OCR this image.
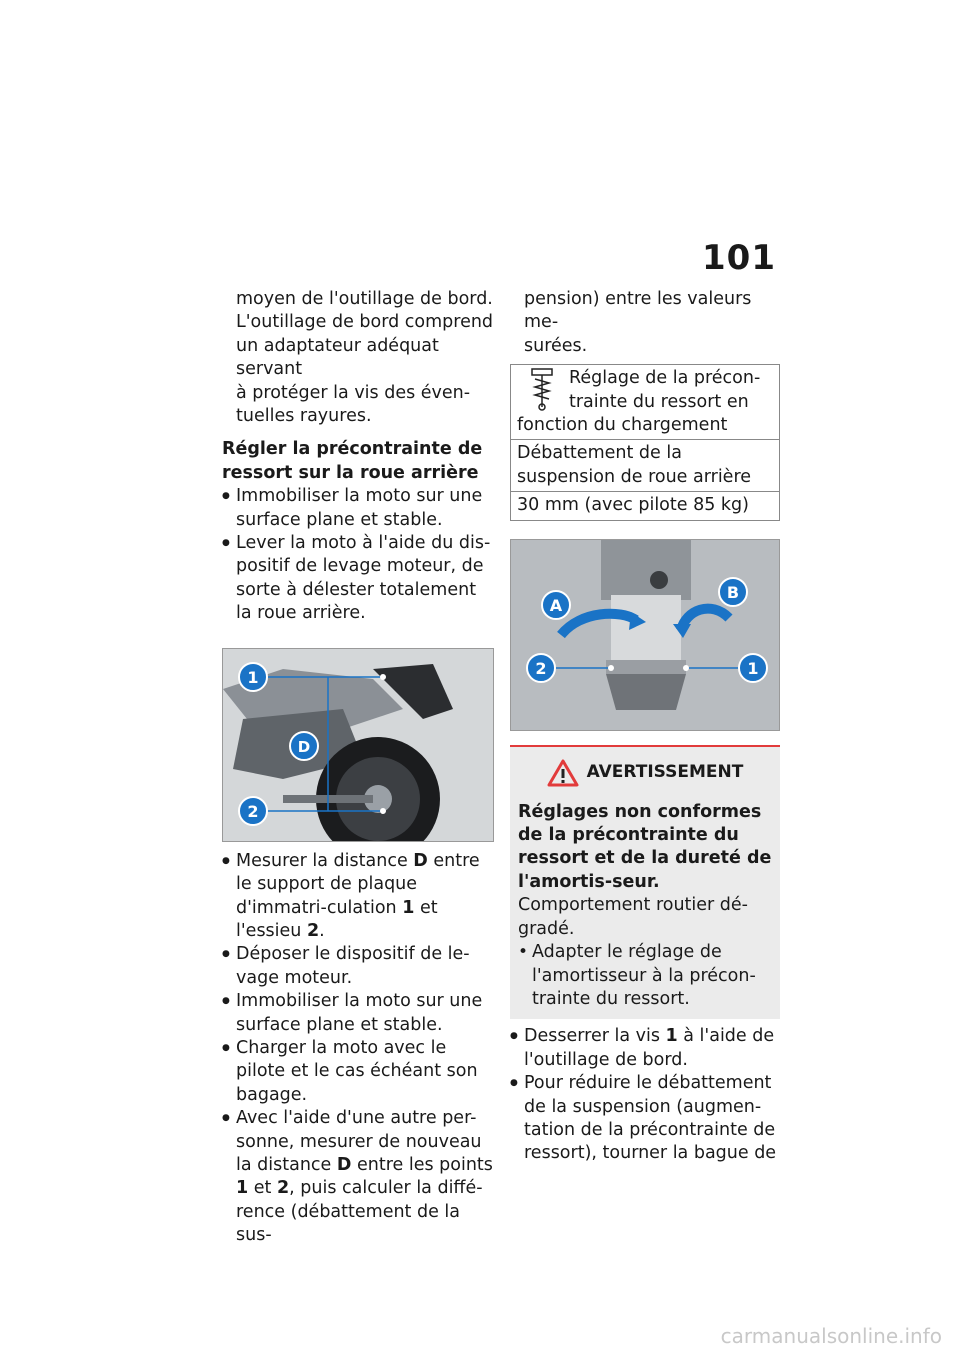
101

moyen de l'outillage de bord.

L'outillage de bord comprend

un adaptateur adéquat servant

à protéger la vis des éven-

tuelles rayures.

Régler la précontrainte de
ressort sur la roue arrière
● Immobiliser la moto sur une surface plane et stable.
● Lever la moto à l'aide du dis-positif de levage moteur, de sorte à délester totalement la roue arrière.
1
D
2
● Mesurer la distance D entre le support de plaque d'immatri-culation 1 et l'essieu 2.
● Déposer le dispositif de le-vage moteur.
● Immobiliser la moto sur une surface plane et stable.
● Charger la moto avec le pilote et le cas échéant son bagage.
● Avec l'aide d'une autre per-sonne, mesurer de nouveau la distance D entre les points 1 et 2, puis calculer la diffé-rence (débattement de la sus-

pension) entre les valeurs me-

surées.

Réglage de la précon-trainte du ressort en fonction du chargement
Débattement de la suspension de roue arrière
30 mm (avec pilote 85 kg)
A
B
2	1
AVERTISSEMENT

Réglages non conformes de la précontrainte du ressort et de la dureté de l'amortis-seur.

Comportement routier dé-gradé.

• Adapter le réglage de l'amortisseur à la précon-trainte du ressort.
● Desserrer la vis 1 à l'aide de l'outillage de bord.
● Pour réduire le débattement de la suspension (augmen-tation de la précontrainte de ressort), tourner la bague de
carmanualsonline.info
